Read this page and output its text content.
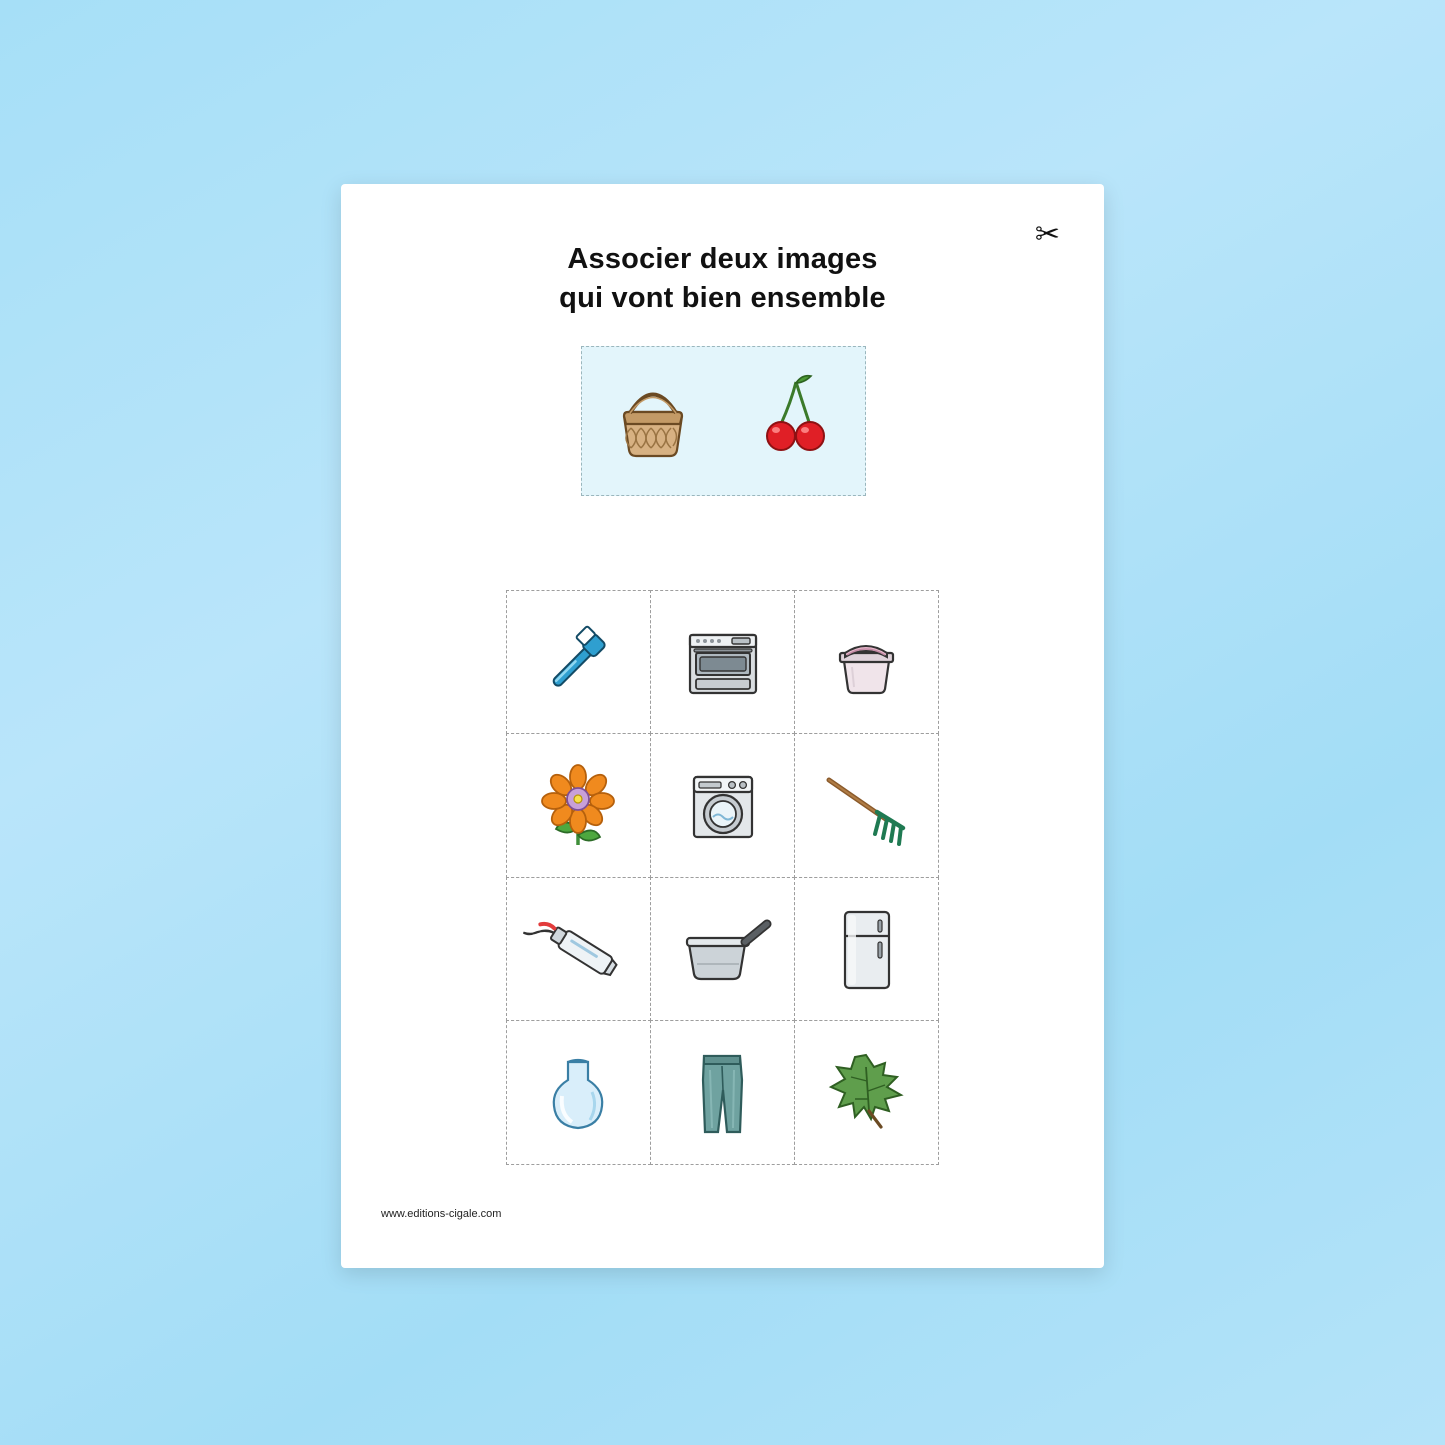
✂
Associer deux images
qui vont bien ensemble
www.editions-cigale.com
